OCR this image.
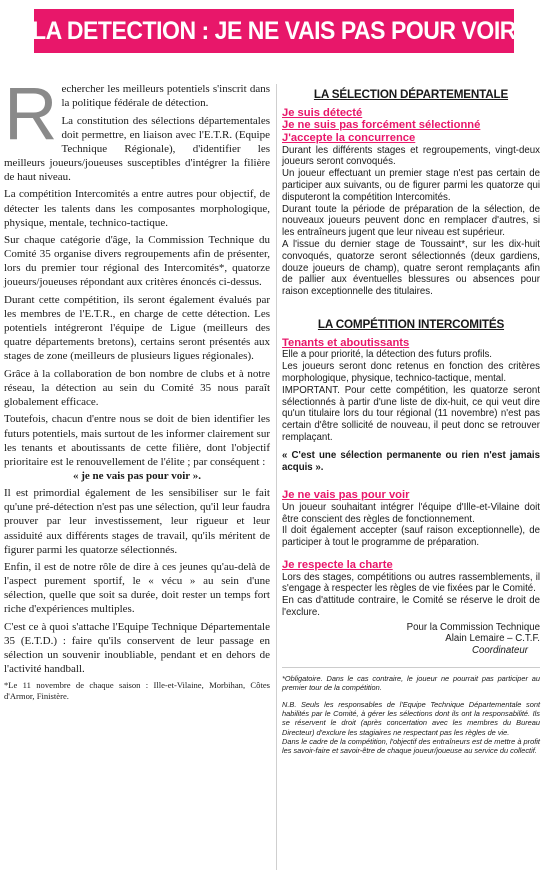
LA DETECTION : JE NE VAIS PAS POUR VOIR

Rechercher les meilleurs potentiels s'inscrit dans la politique fédérale de détection.

La constitution des sélections départementales doit permettre, en liaison avec l'E.T.R. (Equipe Technique Régionale), d'identifier les meilleurs joueurs/joueuses susceptibles d'intégrer la filière de haut niveau.

La compétition Intercomités a entre autres pour objectif, de détecter les talents dans les composantes morphologique, physique, mentale, technico-tactique.

Sur chaque catégorie d'âge, la Commission Technique du Comité 35 organise divers regroupements afin de présenter, lors du premier tour régional des Intercomités*, quatorze joueurs/joueuses répondant aux critères énoncés ci-dessus.

Durant cette compétition, ils seront également évalués par les membres de l'E.T.R., en charge de cette détection. Les potentiels intégreront l'équipe de Ligue (meilleurs des quatre départements bretons), certains seront présentés aux stages de zone (meilleurs de plusieurs ligues régionales).

Grâce à la collaboration de bon nombre de clubs et à notre réseau, la détection au sein du Comité 35 nous paraît globalement efficace.

Toutefois, chacun d'entre nous se doit de bien identifier les futurs potentiels, mais surtout de les informer clairement sur les tenants et aboutissants de cette filière, dont l'objectif prioritaire est le renouvellement de l'élite ; par conséquent :

« je ne vais pas pour voir ».

Il est primordial également de les sensibiliser sur le fait qu'une pré-détection n'est pas une sélection, qu'il leur faudra prouver par leur investissement, leur rigueur et leur assiduité aux différents stages de travail, qu'ils méritent de figurer parmi les quatorze sélectionnés.

Enfin, il est de notre rôle de dire à ces jeunes qu'au-delà de l'aspect purement sportif, le « vécu » au sein d'une sélection, quelle que soit sa durée, doit rester un temps fort riche d'expériences multiples.

C'est ce à quoi s'attache l'Equipe Technique Départementale 35 (E.T.D.) : faire qu'ils conservent de leur passage en sélection un souvenir inoubliable, pendant et en dehors de l'activité handball.

*Le 11 novembre de chaque saison : Ille-et-Vilaine, Morbihan, Côtes d'Armor, Finistère.

LA SÉLECTION DÉPARTEMENTALE
Je suis détecté
Je ne suis pas forcément sélectionné
J'accepte la concurrence

Durant les différents stages et regroupements, vingt-deux joueurs seront convoqués.

Un joueur effectuant un premier stage n'est pas certain de participer aux suivants, ou de figurer parmi les quatorze qui disputeront la compétition Intercomités.

Durant toute la période de préparation de la sélection, de nouveaux joueurs peuvent donc en remplacer d'autres, si les entraîneurs jugent que leur niveau est supérieur.

A l'issue du dernier stage de Toussaint*, sur les dix-huit convoqués, quatorze seront sélectionnés (deux gardiens, douze joueurs de champ), quatre seront remplaçants afin de pallier aux éventuelles blessures ou absences pour raison exceptionnelle des titulaires.

LA COMPÉTITION INTERCOMITÉS
Tenants et aboutissants

Elle a pour priorité, la détection des futurs profils.

Les joueurs seront donc retenus en fonction des critères morphologique, physique, technico-tactique, mental.

IMPORTANT. Pour cette compétition, les quatorze seront sélectionnés à partir d'une liste de dix-huit, ce qui veut dire qu'un titulaire lors du tour régional (11 novembre) n'est pas certain d'être sollicité de nouveau, il peut donc se retrouver remplaçant.

« C'est une sélection permanente ou rien n'est jamais acquis ».

Je ne vais pas pour voir

Un joueur souhaitant intégrer l'équipe d'Ille-et-Vilaine doit être conscient des règles de fonctionnement.

Il doit également accepter (sauf raison exceptionnelle), de participer à tout le programme de préparation.

Je respecte la charte

Lors des stages, compétitions ou autres rassemblements, il s'engage à respecter les règles de vie fixées par le Comité.

En cas d'attitude contraire, le Comité se réserve le droit de l'exclure.

Pour la Commission Technique
Alain Lemaire – C.T.F.
Coordinateur

*Obligatoire. Dans le cas contraire, le joueur ne pourrait pas participer au premier tour de la compétition.

N.B. Seuls les responsables de l'Equipe Technique Départementale sont habilités par le Comité, à gérer les sélections dont ils ont la responsabilité. Ils se réservent le droit (après concertation avec les membres du Bureau Directeur) d'exclure les stagiaires ne respectant pas les règles de vie.

Dans le cadre de la compétition, l'objectif des entraîneurs est de mettre à profit les savoir-faire et savoir-être de chaque joueur/joueuse au service du collectif.
